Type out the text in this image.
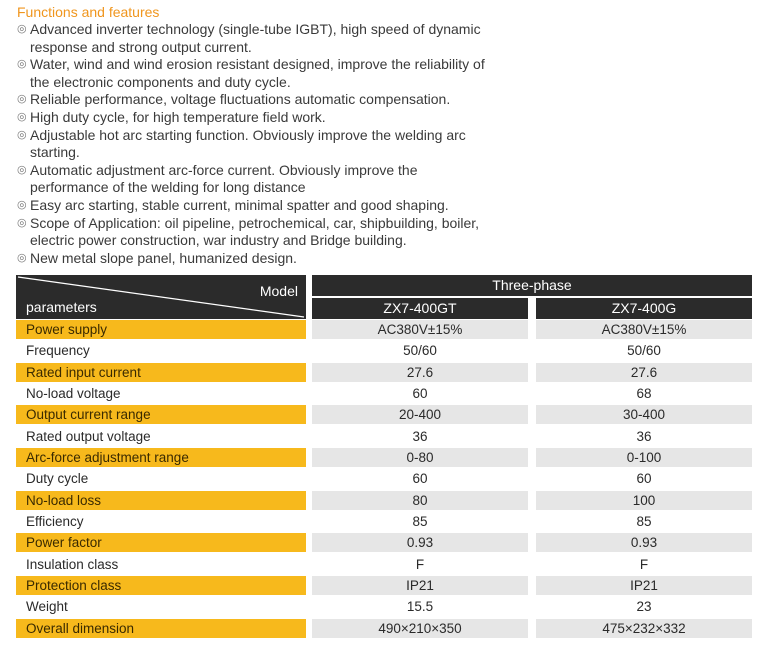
Functions and features
◎ Advanced inverter technology (single-tube IGBT), high speed of dynamic response and strong output current.
◎ Water, wind and wind erosion resistant designed, improve the reliability of the electronic components and duty cycle.
◎ Reliable performance, voltage fluctuations automatic compensation.
◎ High duty cycle, for high temperature field work.
◎ Adjustable hot arc starting function. Obviously improve the welding arc starting.
◎ Automatic adjustment arc-force current. Obviously improve the performance of the welding for long distance
◎ Easy arc starting, stable current, minimal spatter and good shaping.
◎ Scope of Application: oil pipeline, petrochemical, car, shipbuilding, boiler, electric power construction, war industry and Bridge building.
◎ New metal slope panel, humanized design.
Model
parameters
Three-phase
ZX7-400GT	ZX7-400G
Power supply	AC380V±15%	AC380V±15%
Frequency	50/60	50/60
Rated input current	27.6	27.6
No-load voltage	60	68
Output current range	20-400	30-400
Rated output voltage	36	36
Arc-force adjustment range	0-80	0-100
Duty cycle	60	60
No-load loss	80	100
Efficiency	85	85
Power factor	0.93	0.93
Insulation class	F	F
Protection class	IP21	IP21
Weight	15.5	23
Overall dimension	490×210×350	475×232×332
